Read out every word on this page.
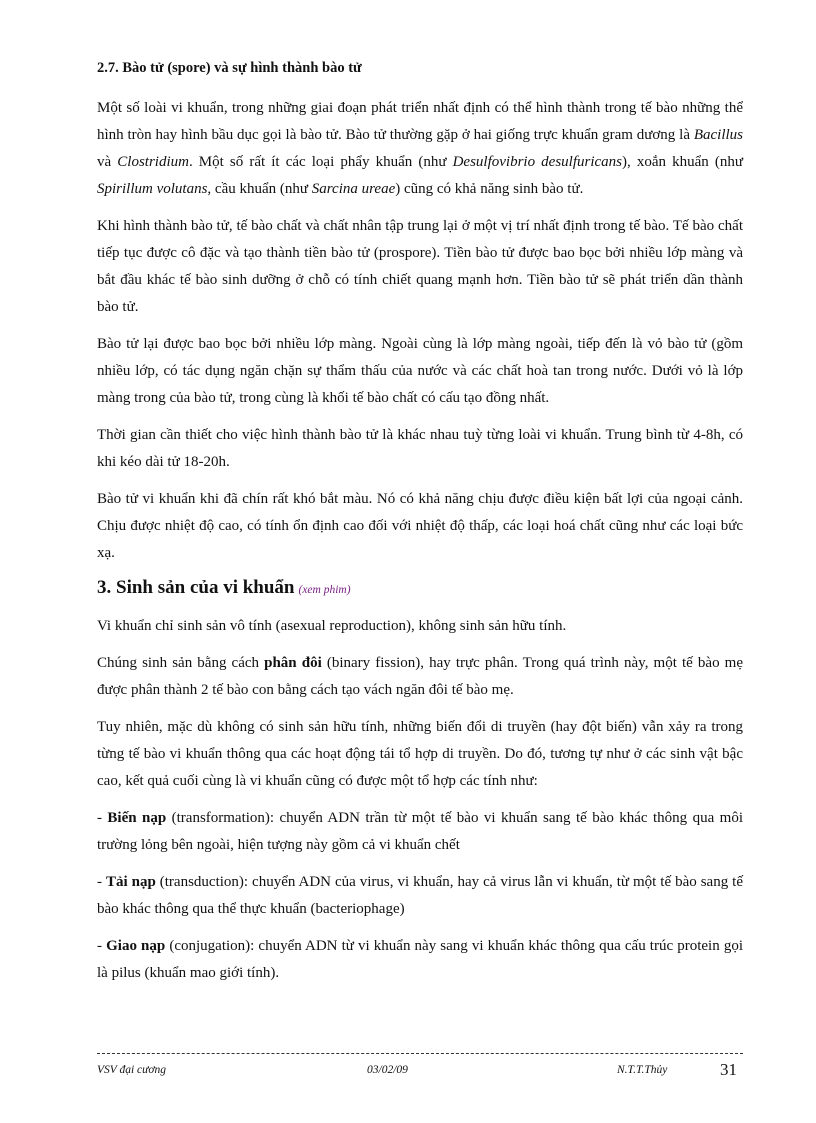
2.7. Bào tử (spore) và sự hình thành bào tử

Một số loài vi khuẩn, trong những giai đoạn phát triển nhất định có thể hình thành trong tế bào những thể hình tròn hay hình bầu dục gọi là bào tử. Bào tử thường gặp ở hai giống trực khuẩn gram dương là Bacillus và Clostridium. Một số rất ít các loại phẩy khuẩn (như Desulfovibrio desulfuricans), xoắn khuẩn (như Spirillum volutans, cầu khuẩn (như Sarcina ureae) cũng có khả năng sinh bào tử.

Khi hình thành bào tử, tế bào chất và chất nhân tập trung lại ở một vị trí nhất định trong tế bào. Tế bào chất tiếp tục được cô đặc và tạo thành tiền bào tử (prospore). Tiền bào tử được bao bọc bởi nhiều lớp màng và bắt đầu khác tế bào sinh dưỡng ở chỗ có tính chiết quang mạnh hơn. Tiền bào tử sẽ phát triển dần thành bào tử.

Bào tử lại được bao bọc bởi nhiều lớp màng. Ngoài cùng là lớp màng ngoài, tiếp đến là vỏ bào tử (gồm nhiều lớp, có tác dụng ngăn chặn sự thẩm thấu của nước và các chất hoà tan trong nước. Dưới vỏ là lớp màng trong của bào tử, trong cùng là khối tế bào chất có cấu tạo đồng nhất.

Thời gian cần thiết cho việc hình thành bào tử là khác nhau tuỳ từng loài vi khuẩn. Trung bình từ 4-8h, có khi kéo dài tử 18-20h.

Bào tử vi khuẩn khi đã chín rất khó bắt màu. Nó có khả năng chịu được điều kiện bất lợi của ngoại cảnh. Chịu được nhiệt độ cao, có tính ổn định cao đối với nhiệt độ thấp, các loại hoá chất cũng như các loại bức xạ.

3. Sinh sản của vi khuẩn (xem phim)

Vi khuẩn chỉ sinh sản vô tính (asexual reproduction), không sinh sản hữu tính.

Chúng sinh sản bằng cách phân đôi (binary fission), hay trực phân. Trong quá trình này, một tế bào mẹ được phân thành 2 tế bào con bằng cách tạo vách ngăn đôi tế bào mẹ.

Tuy nhiên, mặc dù không có sinh sản hữu tính, những biến đổi di truyền (hay đột biến) vẫn xảy ra trong từng tế bào vi khuẩn thông qua các hoạt động tái tổ hợp di truyền. Do đó, tương tự như ở các sinh vật bậc cao, kết quả cuối cùng là vi khuẩn cũng có được một tổ hợp các tính như:

- Biến nạp (transformation): chuyển ADN trần từ một tế bào vi khuẩn sang tế bào khác thông qua môi trường lỏng bên ngoài, hiện tượng này gồm cả vi khuẩn chết

- Tải nạp (transduction): chuyển ADN của virus, vi khuẩn, hay cả virus lẫn vi khuẩn, từ một tế bào sang tế bào khác thông qua thể thực khuẩn (bacteriophage)

- Giao nạp (conjugation): chuyển ADN từ vi khuẩn này sang vi khuẩn khác thông qua cấu trúc protein gọi là pilus (khuẩn mao giới tính).

VSV đại cương	03/02/09	N.T.T.Thủy	31
